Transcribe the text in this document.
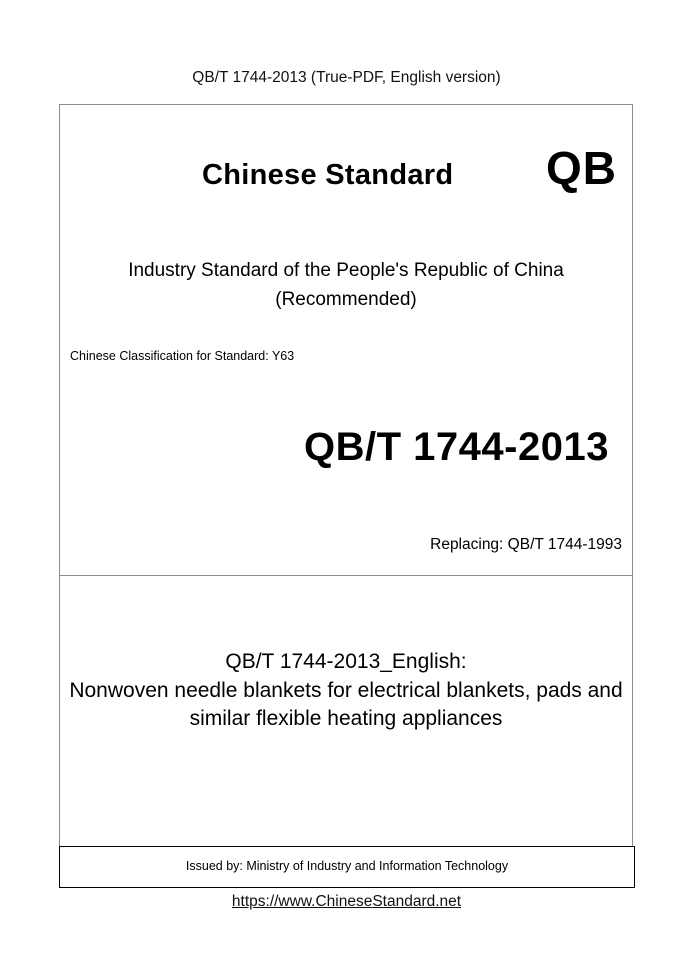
QB/T 1744-2013 (True-PDF, English version)
Chinese Standard QB
Industry Standard of the People's Republic of China
(Recommended)
Chinese Classification for Standard: Y63
QB/T 1744-2013
Replacing: QB/T 1744-1993
QB/T 1744-2013_English:
Nonwoven needle blankets for electrical blankets, pads and
similar flexible heating appliances
Issued by: Ministry of Industry and Information Technology
https://www.ChineseStandard.net
